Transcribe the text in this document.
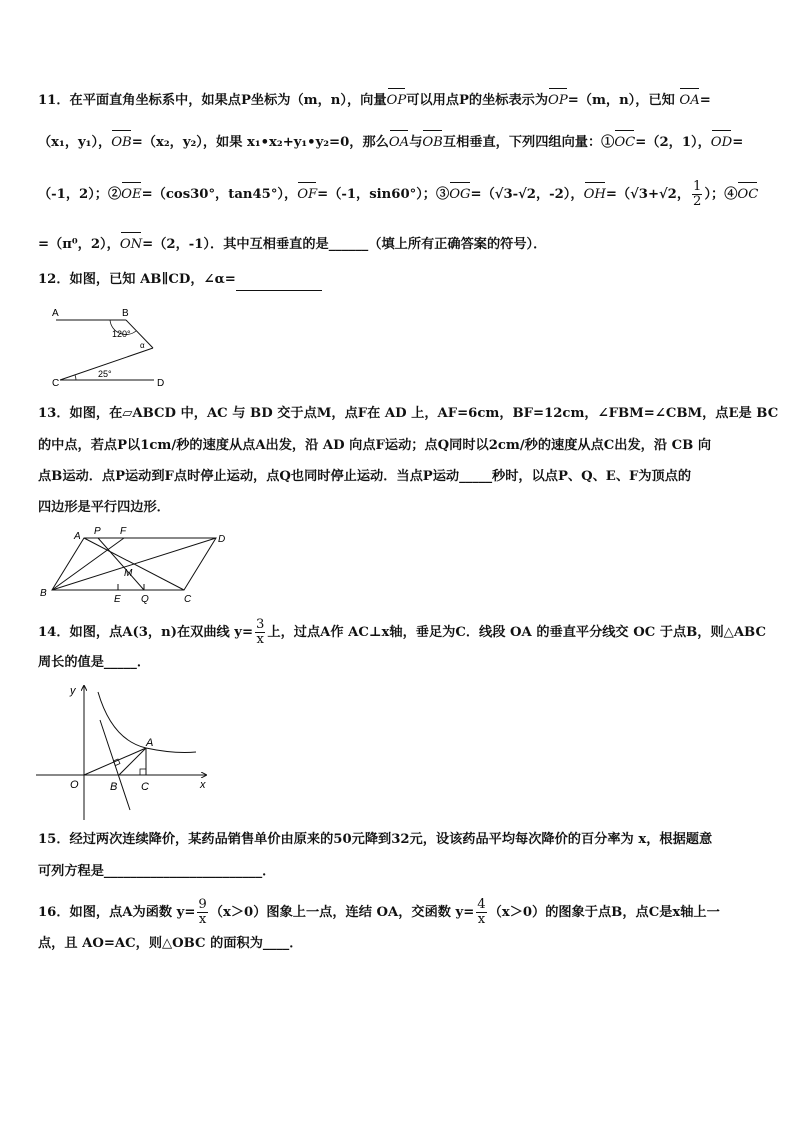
11．在平面直角坐标系中，如果点P坐标为（m，n），向量OP可以用点P的坐标表示为OP=（m，n），已知 OA=
（x₁，y₁），OB=（x₂，y₂），如果 x₁•x₂+y₁•y₂=0，那么OA与OB互相垂直，下列四组向量：①OC=（2，1），OD=
（-1，2）；②OE=（cos30°，tan45°），OF=（-1，sin60°）；③OG=（√3-√2，-2），OH=（√3+√2， $\frac{1}{2}$ ）；④OC
=（π⁰，2），ON=（2，-1）．其中互相垂直的是______（填上所有正确答案的符号）．
12．如图，已知 AB∥CD，∠α=
A	B
120°
α
25°
C	D
13．如图，在▱ABCD 中，AC 与 BD 交于点M，点F在 AD 上，AF=6cm，BF=12cm，∠FBM=∠CBM，点E是 BC
的中点，若点P以1cm/秒的速度从点A出发，沿 AD 向点F运动；点Q同时以2cm/秒的速度从点C出发，沿 CB 向
点B运动．点P运动到F点时停止运动，点Q也同时停止运动．当点P运动_____秒时，以点P、Q、E、F为顶点的
四边形是平行四边形．
A P F
D
M
B
E Q	C
14．如图，点A(3，n)在双曲线 $y= \frac{3}{x}$ 上，过点A作 AC⊥x轴，垂足为C．线段 OA 的垂直平分线交 OC 于点B，则△ABC
周长的值是_____．
y
x
O
A
B C
15．经过两次连续降价，某药品销售单价由原来的50元降到32元，设该药品平均每次降价的百分率为 x，根据题意
可列方程是________________________．
16．如图，点A为函数 $y= \frac{9}{x} (x>0)$图象上一点，连结 OA，交函数 $y= \frac{4}{x} (x>0)$的图象于点B，点C是x轴上一
点，且 AO=AC，则△OBC 的面积为____．
